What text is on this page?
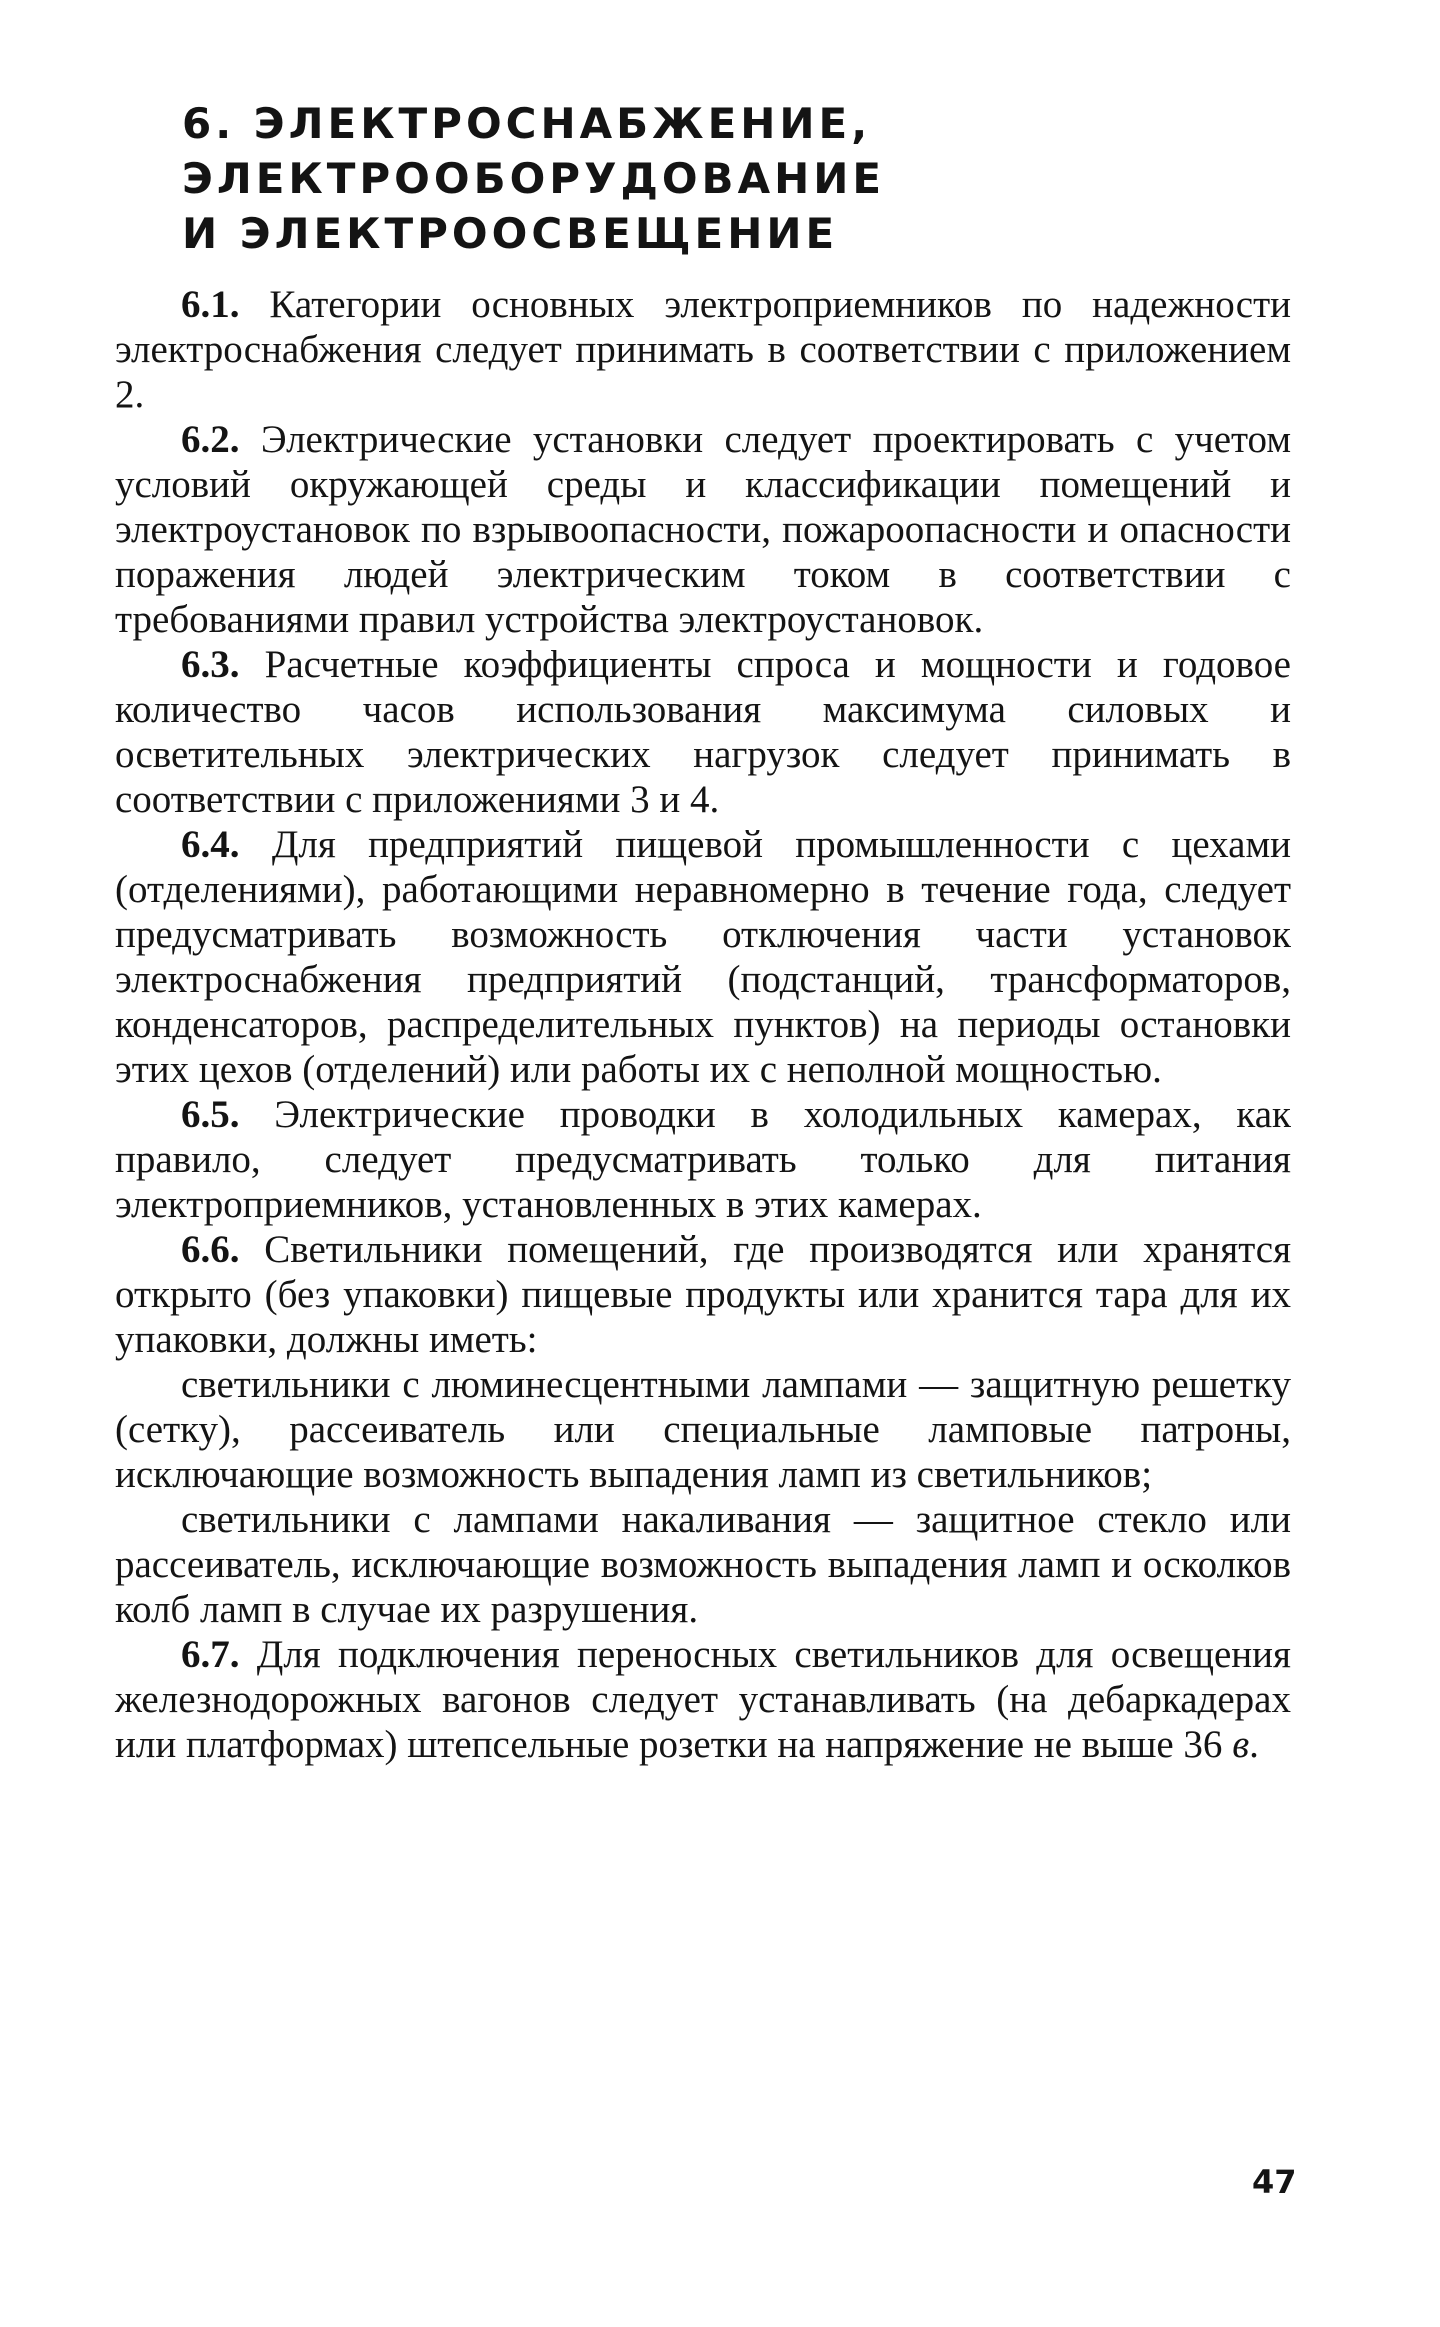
6. ЭЛЕКТРОСНАБЖЕНИЕ,
ЭЛЕКТРООБОРУДОВАНИЕ
И ЭЛЕКТРООСВЕЩЕНИЕ

6.1. Категории основных электроприемников по надежности электроснабжения следует принимать в соответствии с приложением 2.

6.2. Электрические установки следует проектировать с учетом условий окружающей среды и классификации помещений и электроустановок по взрывоопасности, пожароопасности и опасности поражения людей электрическим током в соответствии с требованиями правил устройства электроустановок.

6.3. Расчетные коэффициенты спроса и мощности и годовое количество часов использования максимума силовых и осветительных электрических нагрузок следует принимать в соответствии с приложениями 3 и 4.

6.4. Для предприятий пищевой промышленности с цехами (отделениями), работающими неравномерно в течение года, следует предусматривать возможность отключения части установок электроснабжения предприятий (подстанций, трансформаторов, конденсаторов, распределительных пунктов) на периоды остановки этих цехов (отделений) или работы их с неполной мощностью.

6.5. Электрические проводки в холодильных камерах, как правило, следует предусматривать только для питания электроприемников, установленных в этих камерах.

6.6. Светильники помещений, где производятся или хранятся открыто (без упаковки) пищевые продукты или хранится тара для их упаковки, должны иметь:

светильники с люминесцентными лампами — защитную решетку (сетку), рассеиватель или специальные ламповые патроны, исключающие возможность выпадения ламп из светильников;

светильники с лампами накаливания — защитное стекло или рассеиватель, исключающие возможность выпадения ламп и осколков колб ламп в случае их разрушения.

6.7. Для подключения переносных светильников для освещения железнодорожных вагонов следует устанавливать (на дебаркадерах или платформах) штепсельные розетки на напряжение не выше 36 в.

47
